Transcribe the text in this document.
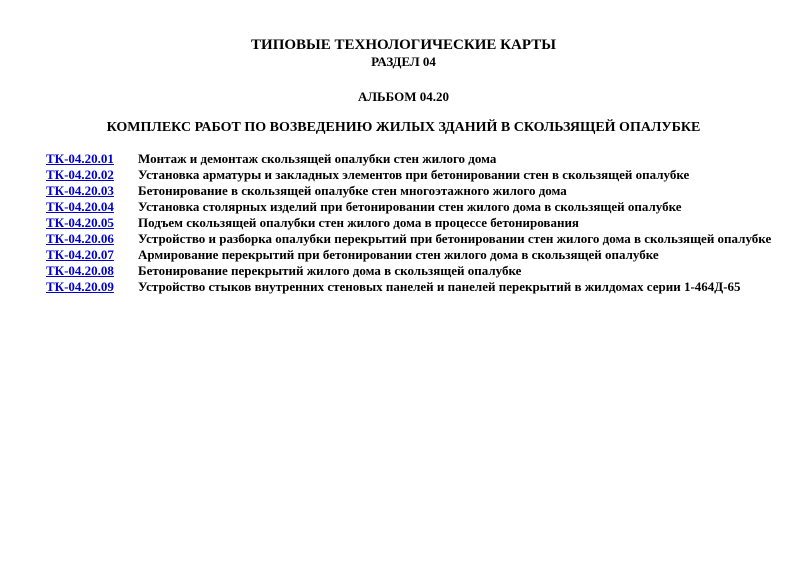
ТИПОВЫЕ ТЕХНОЛОГИЧЕСКИЕ КАРТЫ
РАЗДЕЛ 04
АЛЬБОМ 04.20
КОМПЛЕКС РАБОТ ПО ВОЗВЕДЕНИЮ ЖИЛЫХ ЗДАНИЙ В СКОЛЬЗЯЩЕЙ ОПАЛУБКЕ
ТК-04.20.01	Монтаж и демонтаж скользящей опалубки стен жилого дома
ТК-04.20.02	Установка арматуры и закладных элементов при бетонировании стен в скользящей опалубке
ТК-04.20.03	Бетонирование в скользящей опалубке стен многоэтажного жилого дома
ТК-04.20.04	Установка столярных изделий при бетонировании стен жилого дома в скользящей опалубке
ТК-04.20.05	Подъем скользящей опалубки стен жилого дома в процессе бетонирования
ТК-04.20.06	Устройство и разборка опалубки перекрытий при бетонировании стен жилого дома в скользящей опалубке
ТК-04.20.07	Армирование перекрытий при бетонировании стен жилого дома в скользящей опалубке
ТК-04.20.08	Бетонирование перекрытий жилого дома в скользящей опалубке
ТК-04.20.09	Устройство стыков внутренних стеновых панелей и панелей перекрытий в жилдомах серии 1-464Д-65
